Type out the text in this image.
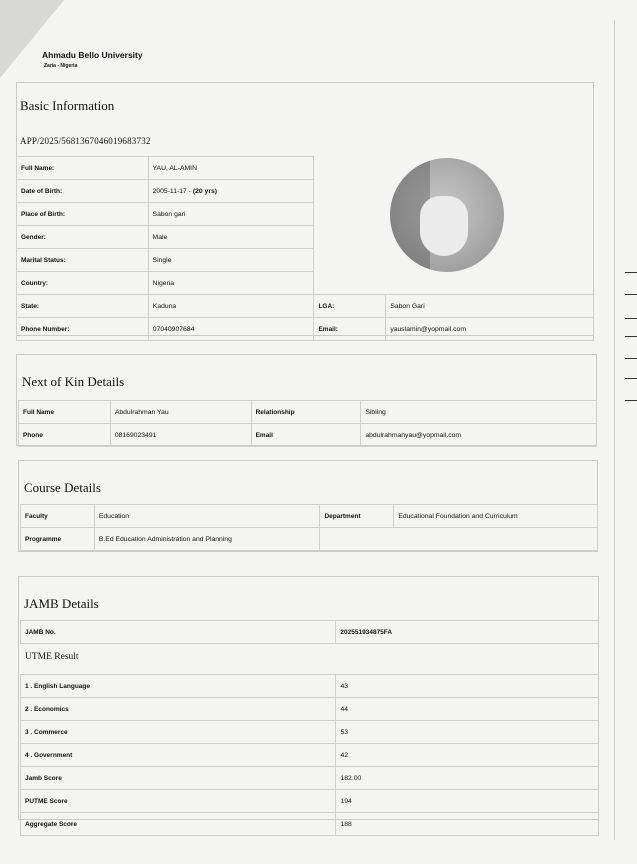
Ahmadu Bello University
Zaria - Nigeria
Basic Information
APP/2025/5681367046019683732
Full Name:	YAU, AL-AMIN
Date of Birth:	2005-11-17 - (20 yrs)
Place of Birth:	Sabon gari
Gender:	Male
Marital Status:	Single
Country:	Nigeria
State:	Kaduna	LGA:	Sabon Gari
Phone Number:	07040907684	Email:	yauslamin@yopmail.com
Next of Kin Details
Full Name	Abdulrahman Yau	Relationship	Sibling
Phone	08169023491	Email	abdulrahmanyau@yopmail.com
Course Details
Faculty	Education	Department	Educational Foundation and Curriculum
Programme	B.Ed Education Administration and Planning		
JAMB Details
JAMB No.	202551934875FA
UTME Result
1 . English Language	43
2 . Economics	44
3 . Commerce	53
4 . Government	42
Jamb Score	182.00
PUTME Score	194
Aggregate Score	188
